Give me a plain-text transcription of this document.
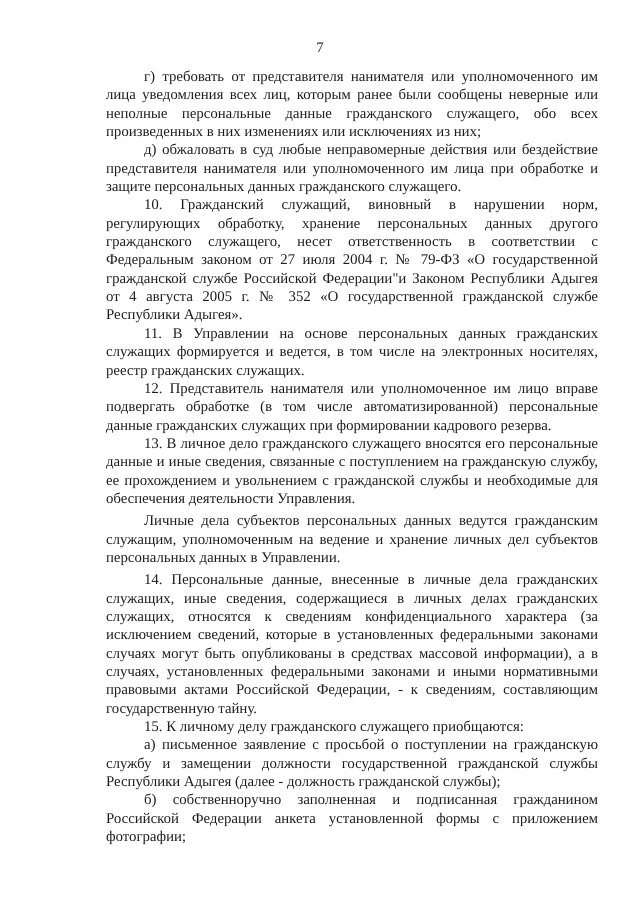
7

г) требовать от представителя нанимателя или уполномоченного им лица уведомления всех лиц, которым ранее были сообщены неверные или неполные персональные данные гражданского служащего, обо всех произведенных в них изменениях или исключениях из них;

д) обжаловать в суд любые неправомерные действия или бездействие представителя нанимателя или уполномоченного им лица при обработке и защите персональных данных гражданского служащего.

10. Гражданский служащий, виновный в нарушении норм, регулирующих обработку, хранение персональных данных другого гражданского служащего, несет ответственность в соответствии с Федеральным законом от 27 июля 2004 г. № 79-ФЗ «О государственной гражданской службе Российской Федерации"и Законом Республики Адыгея от 4 августа 2005 г. № 352 «О государственной гражданской службе Республики Адыгея».

11. В Управлении на основе персональных данных гражданских служащих формируется и ведется, в том числе на электронных носителях, реестр гражданских служащих.

12. Представитель нанимателя или уполномоченное им лицо вправе подвергать обработке (в том числе автоматизированной) персональные данные гражданских служащих при формировании кадрового резерва.

13. В личное дело гражданского служащего вносятся его персональные данные и иные сведения, связанные с поступлением на гражданскую службу, ее прохождением и увольнением с гражданской службы и необходимые для обеспечения деятельности Управления.

Личные дела субъектов персональных данных ведутся гражданским служащим, уполномоченным на ведение и хранение личных дел субъектов персональных данных в Управлении.

14. Персональные данные, внесенные в личные дела гражданских служащих, иные сведения, содержащиеся в личных делах гражданских служащих, относятся к сведениям конфиденциального характера (за исключением сведений, которые в установленных федеральными законами случаях могут быть опубликованы в средствах массовой информации), а в случаях, установленных федеральными законами и иными нормативными правовыми актами Российской Федерации, - к сведениям, составляющим государственную тайну.

15. К личному делу гражданского служащего приобщаются:

а) письменное заявление с просьбой о поступлении на гражданскую службу и замещении должности государственной гражданской службы Республики Адыгея (далее - должность гражданской службы);

б) собственноручно заполненная и подписанная гражданином Российской Федерации анкета установленной формы с приложением фотографии;
